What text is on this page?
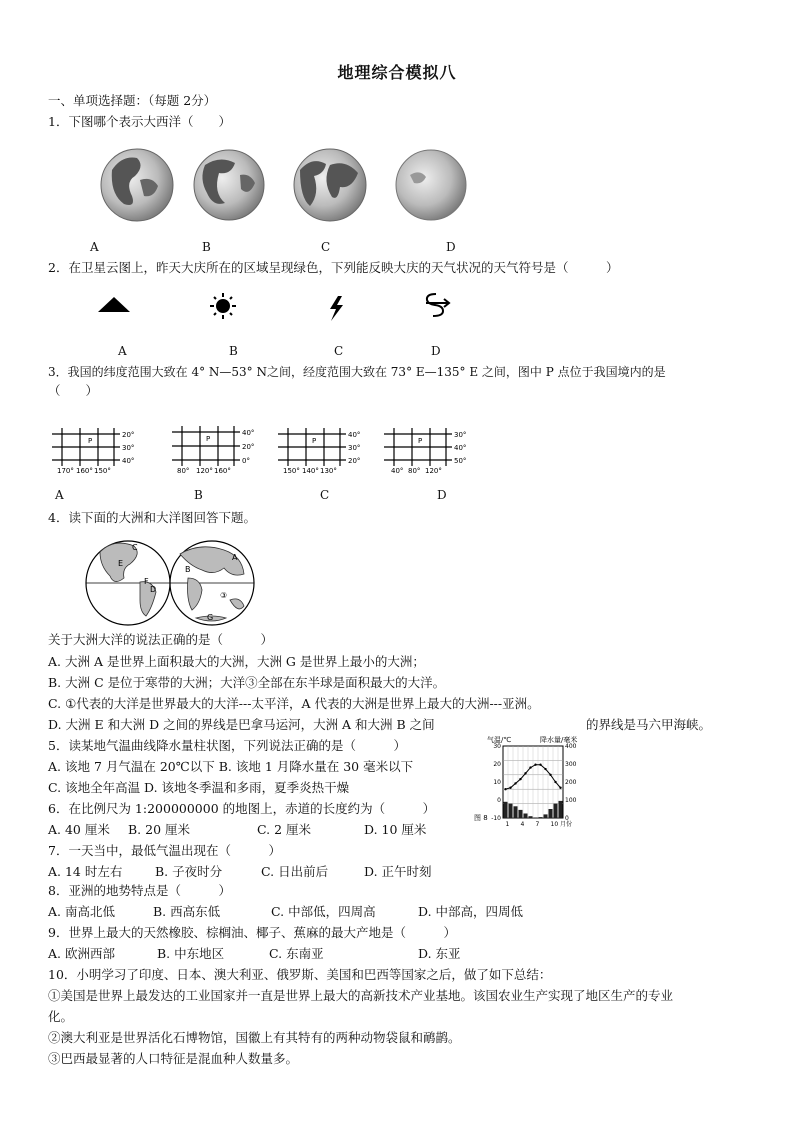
地理综合模拟八
一、单项选择题：（每题 2分）
1．下图哪个表示大西洋（　　）
A	B	C	D
2．在卫星云图上，昨天大庆所在的区域呈现绿色，下列能反映大庆的天气状况的天气符号是（　　　）
A	B	C	D
3．我国的纬度范围大致在 4° N—53° N之间，经度范围大致在 73° E—135° E 之间，图中 P 点位于我国境内的是
（　　）
P	P	P	P
20°
30°
40°
170° 160° 150°
40°
20°
0°
80° 120° 160°
40°
30°
20°
150° 140° 130°
30°
40°
50°
40° 80° 120°
A	B	C	D
4．读下面的大洲和大洋图回答下题。
E
C
F
B
D
A
G
③
关于大洲大洋的说法正确的是（　　　）
A. 大洲 A 是世界上面积最大的大洲，大洲 G 是世界上最小的大洲；
B. 大洲 C 是位于寒带的大洲；大洋③全部在东半球是面积最大的大洋。
C. ①代表的大洋是世界最大的大洋---太平洋，A 代表的大洲是世界上最大的大洲---亚洲。
D. 大洲 E 和大洲 D 之间的界线是巴拿马运河，大洲 A 和大洲 B 之间	的界线是马六甲海峡。
5．读某地气温曲线降水量柱状图，下列说法正确的是（　　　）
A. 该地 7 月气温在 20℃以下 B. 该地 1 月降水量在 30 毫米以下
C. 该地全年高温 D. 该地冬季温和多雨，夏季炎热干燥
气温/℃	降水量/毫米
图 8
30
20
10
0
-10
400
300
200
100
0
1 4 7 10 月份
6．在比例尺为 1:200000000 的地图上，赤道的长度约为（　　　）
A. 40 厘米 B. 20 厘米	C. 2 厘米	D. 10 厘米
7．一天当中，最低气温出现在（　　　）
A. 14 时左右	B. 子夜时分	C. 日出前后	D. 正午时刻
8．亚洲的地势特点是（　　　）
A. 南高北低	B. 西高东低	C. 中部低，四周高	D. 中部高，四周低
9．世界上最大的天然橡胶、棕榈油、椰子、蕉麻的最大产地是（　　　）
A. 欧洲西部	B. 中东地区	C. 东南亚	D. 东亚
10．小明学习了印度、日本、澳大利亚、俄罗斯、美国和巴西等国家之后，做了如下总结：
①美国是世界上最发达的工业国家并一直是世界上最大的高新技术产业基地。该国农业生产实现了地区生产的专业
化。
②澳大利亚是世界活化石博物馆，国徽上有其特有的两种动物袋鼠和鸸鹋。
③巴西最显著的人口特征是混血种人数量多。
